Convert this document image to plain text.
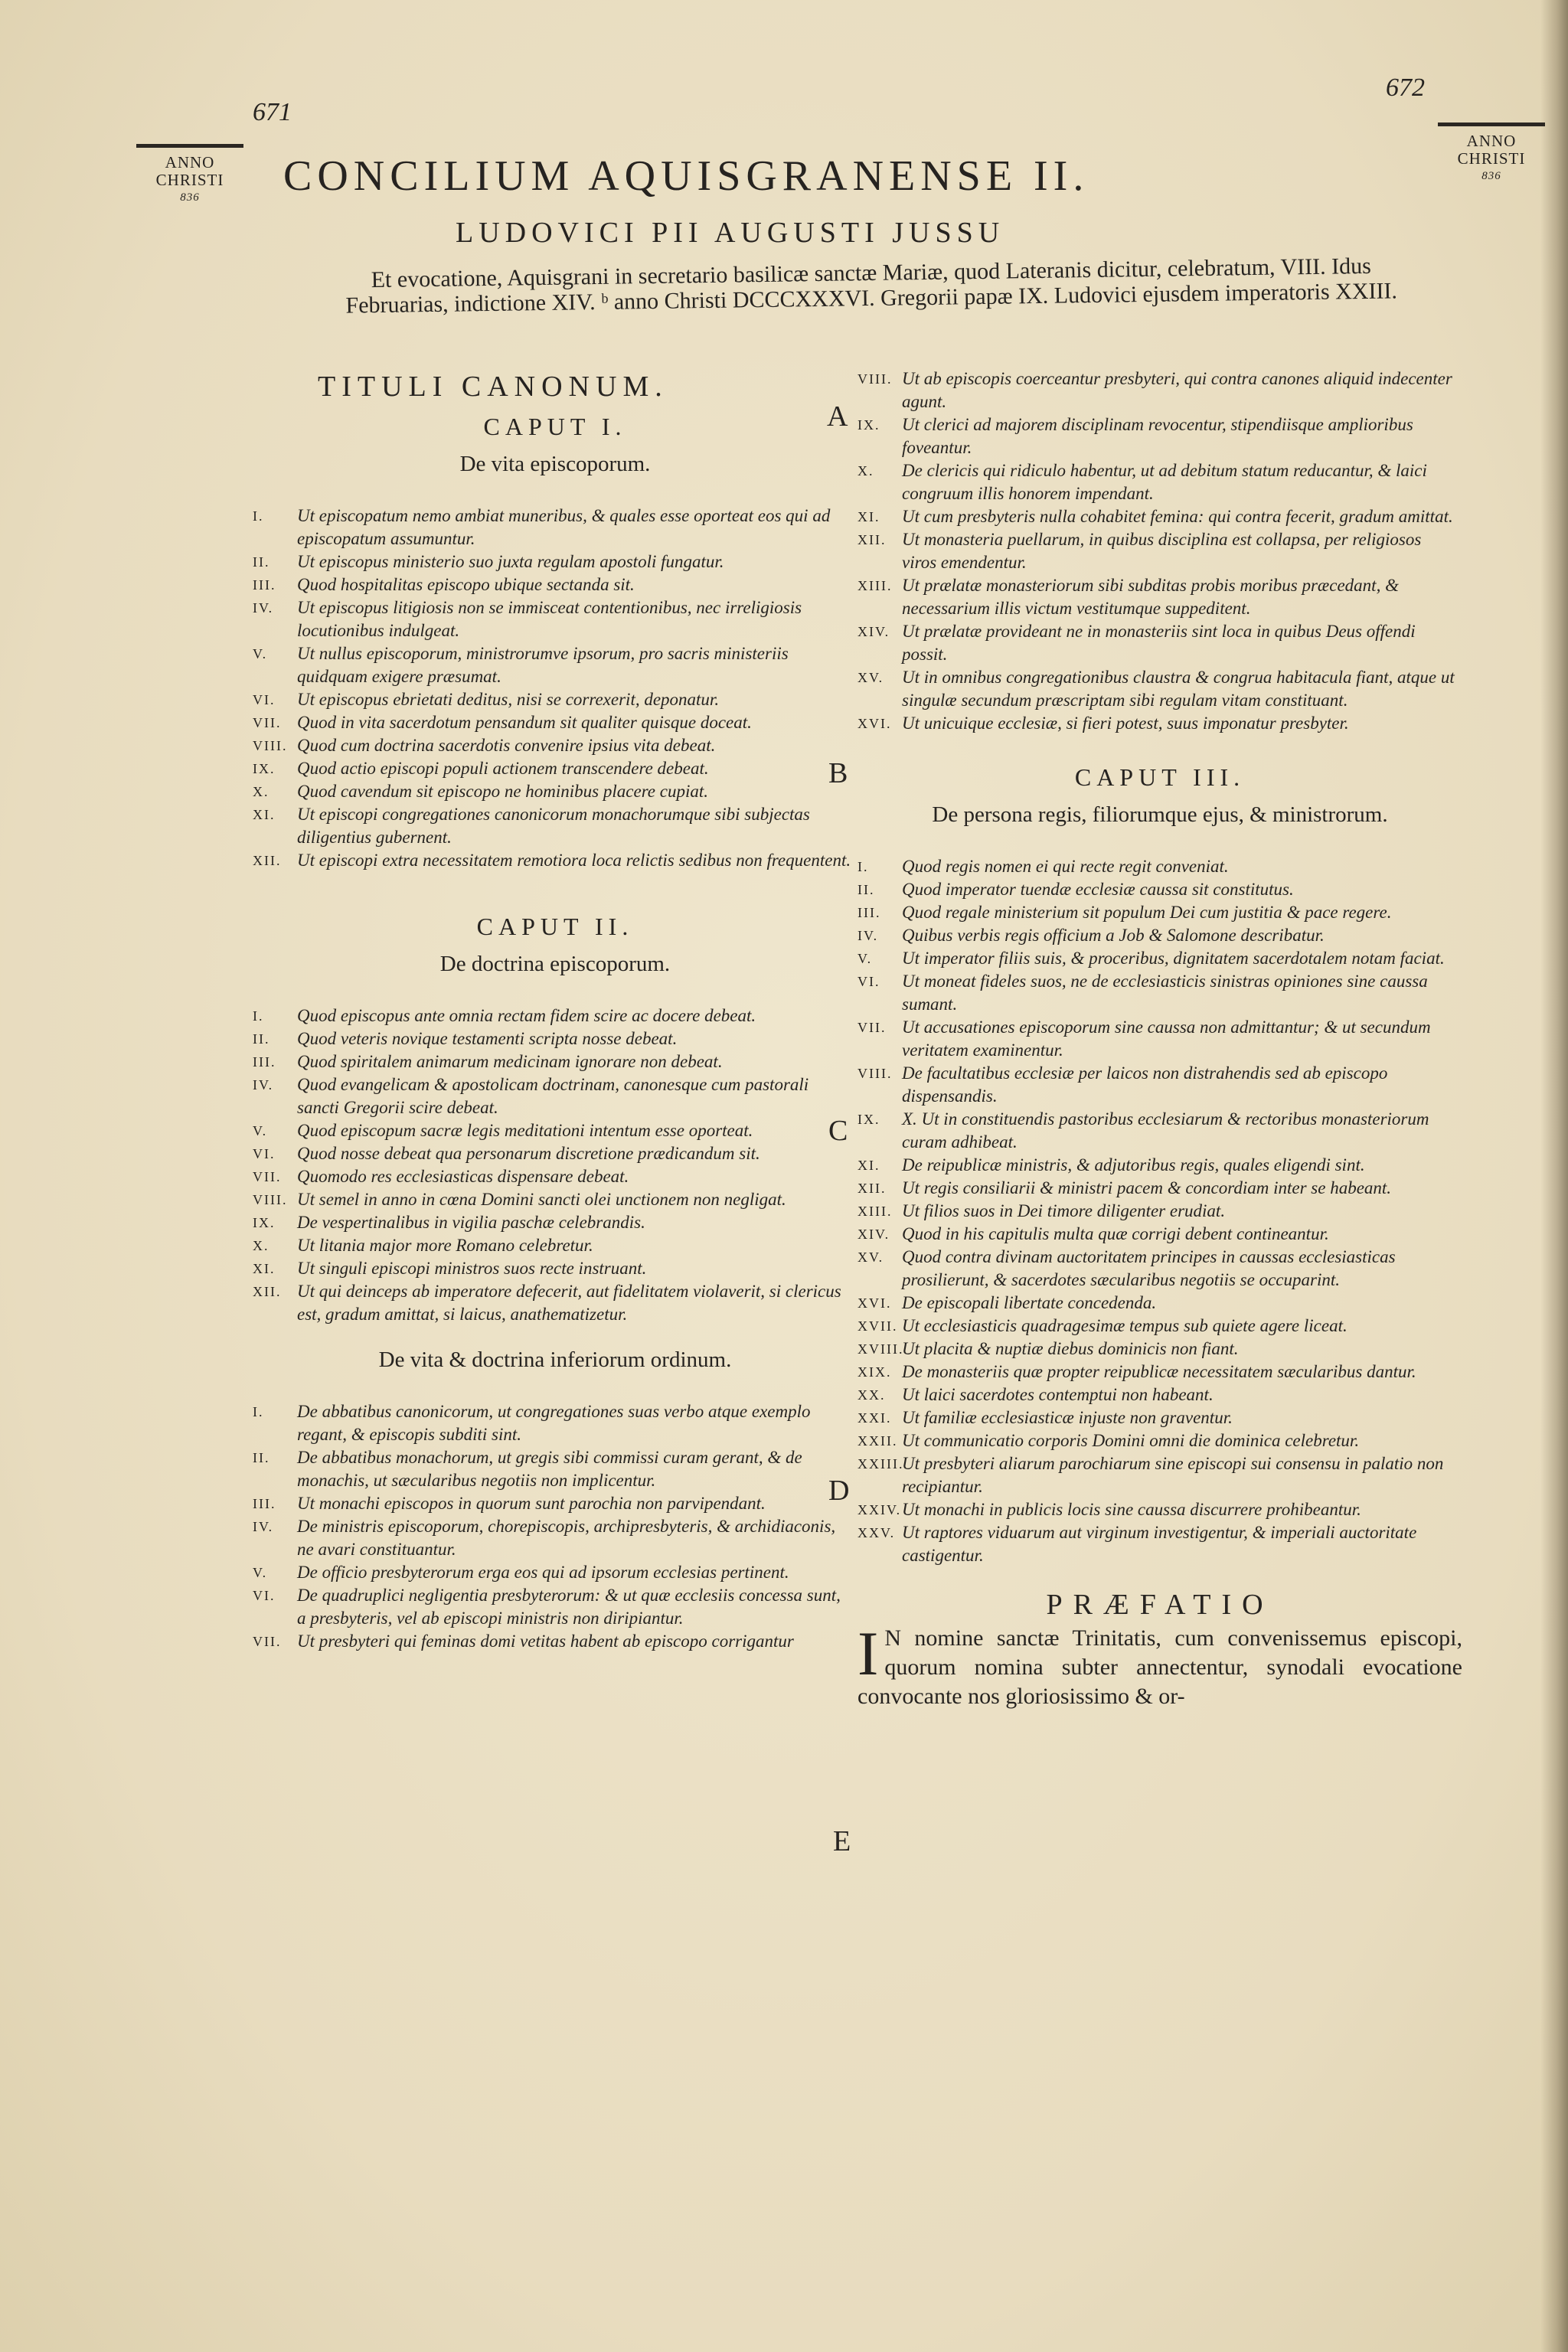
671
672
ANNO
CHRISTI
836
ANNO
CHRISTI
836
CONCILIUM AQUISGRANENSE II.
LUDOVICI PII AUGUSTI JUSSU
Et evocatione, Aquisgrani in secretario basilicæ sanctæ Mariæ, quod Lateranis dicitur, celebratum, VIII. Idus Februarias, indictione XIV. ᵇ anno Christi DCCCXXXVI. Gregorii papæ IX. Ludovici ejusdem imperatoris XXIII.
A
B
C
D
E
TITULI CANONUM.
CAPUT I.
De vita episcoporum.
I.	Ut episcopatum nemo ambiat muneribus, & quales esse oporteat eos qui ad episcopatum assumuntur.
II.	Ut episcopus ministerio suo juxta regulam apostoli fungatur.
III.	Quod hospitalitas episcopo ubique sectanda sit.
IV.	Ut episcopus litigiosis non se immisceat contentionibus, nec irreligiosis locutionibus indulgeat.
V.	Ut nullus episcoporum, ministrorumve ipsorum, pro sacris ministeriis quidquam exigere præsumat.
VI.	Ut episcopus ebrietati deditus, nisi se correxerit, deponatur.
VII. Quod in vita sacerdotum pensandum sit qualiter quisque doceat.
VIII. Quod cum doctrina sacerdotis convenire ipsius vita debeat.
IX.	Quod actio episcopi populi actionem transcendere debeat.
X.	Quod cavendum sit episcopo ne hominibus placere cupiat.
XI.	Ut episcopi congregationes canonicorum monachorumque sibi subjectas diligentius gubernent.
XII. Ut episcopi extra necessitatem remotiora loca relictis sedibus non frequentent.
CAPUT II.
De doctrina episcoporum.
I.	Quod episcopus ante omnia rectam fidem scire ac docere debeat.
II.	Quod veteris novique testamenti scripta nosse debeat.
III.	Quod spiritalem animarum medicinam ignorare non debeat.
IV.	Quod evangelicam & apostolicam doctrinam, canonesque cum pastorali sancti Gregorii scire debeat.
V.	Quod episcopum sacræ legis meditationi intentum esse oporteat.
VI.	Quod nosse debeat qua personarum discretione prædicandum sit.
VII. Quomodo res ecclesiasticas dispensare debeat.
VIII. Ut semel in anno in cœna Domini sancti olei unctionem non negligat.
IX.	De vespertinalibus in vigilia paschæ celebrandis.
X.	Ut litania major more Romano celebretur.
XI.	Ut singuli episcopi ministros suos recte instruant.
XII. Ut qui deinceps ab imperatore defecerit, aut fidelitatem violaverit, si clericus est, gradum amittat, si laicus, anathematizetur.
De vita & doctrina inferiorum ordinum.
I.	De abbatibus canonicorum, ut congregationes suas verbo atque exemplo regant, & episcopis subditi sint.
II.	De abbatibus monachorum, ut gregis sibi commissi curam gerant, & de monachis, ut sæcularibus negotiis non implicentur.
III.	Ut monachi episcopos in quorum sunt parochia non parvipendant.
IV.	De ministris episcoporum, chorepiscopis, archipresbyteris, & archidiaconis, ne avari constituantur.
V.	De officio presbyterorum erga eos qui ad ipsorum ecclesias pertinent.
VI.	De quadruplici negligentia presbyterorum: & ut quæ ecclesiis concessa sunt, a presbyteris, vel ab episcopi ministris non diripiantur.
VII. Ut presbyteri qui feminas domi vetitas habent ab episcopo corrigantur
VIII. Ut ab episcopis coerceantur presbyteri, qui contra canones aliquid indecenter agunt.
IX.	Ut clerici ad majorem disciplinam revocentur, stipendiisque amplioribus foveantur.
X.	De clericis qui ridiculo habentur, ut ad debitum statum reducantur, & laici congruum illis honorem impendant.
XI.	Ut cum presbyteris nulla cohabitet femina: qui contra fecerit, gradum amittat.
XII. Ut monasteria puellarum, in quibus disciplina est collapsa, per religiosos viros emendentur.
XIII. Ut prælatæ monasteriorum sibi subditas probis moribus præcedant, & necessarium illis victum vestitumque suppeditent.
XIV. Ut prælatæ provideant ne in monasteriis sint loca in quibus Deus offendi possit.
XV.	Ut in omnibus congregationibus claustra & congrua habitacula fiant, atque ut singulæ secundum præscriptam sibi regulam vitam constituant.
XVI. Ut unicuique ecclesiæ, si fieri potest, suus imponatur presbyter.
CAPUT III.
De persona regis, filiorumque ejus, & ministrorum.
I.	Quod regis nomen ei qui recte regit conveniat.
II.	Quod imperator tuendæ ecclesiæ caussa sit constitutus.
III.	Quod regale ministerium sit populum Dei cum justitia & pace regere.
IV.	Quibus verbis regis officium a Job & Salomone describatur.
V.	Ut imperator filiis suis, & proceribus, dignitatem sacerdotalem notam faciat.
VI.	Ut moneat fideles suos, ne de ecclesiasticis sinistras opiniones sine caussa sumant.
VII. Ut accusationes episcoporum sine caussa non admittantur; & ut secundum veritatem examinentur.
VIII. De facultatibus ecclesiæ per laicos non distrahendis sed ab episcopo dispensandis.
IX.	X. Ut in constituendis pastoribus ecclesiarum & rectoribus monasteriorum curam adhibeat.
XI.	De reipublicæ ministris, & adjutoribus regis, quales eligendi sint.
XII. Ut regis consiliarii & ministri pacem & concordiam inter se habeant.
XIII. Ut filios suos in Dei timore diligenter erudiat.
XIV. Quod in his capitulis multa quæ corrigi debent contineantur.
XV.	Quod contra divinam auctoritatem principes in caussas ecclesiasticas prosilierunt, & sacerdotes sæcularibus negotiis se occuparint.
XVI. De episcopali libertate concedenda.
XVII. Ut ecclesiasticis quadragesimæ tempus sub quiete agere liceat.
XVIII.
Ut placita & nuptiæ diebus dominicis non fiant.
XIX. De monasteriis quæ propter reipublicæ necessitatem sæcularibus dantur.
XX. Ut laici sacerdotes contemptui non habeant.
XXI. Ut familiæ ecclesiasticæ injuste non graventur.
XXII. Ut communicatio corporis Domini omni die dominica celebretur.
XXIII.
Ut presbyteri aliarum parochiarum sine episcopi sui consensu in palatio non recipiantur.
XXIV. Ut monachi in publicis locis sine caussa discurrere prohibeantur.
XXV. Ut raptores viduarum aut virginum investigentur, & imperiali auctoritate castigentur.
PRÆFATIO
I N nomine sanctæ Trinitatis, cum convenissemus episcopi, quorum nomina subter annectentur, synodali evocatione convocante nos gloriosissimo & or-
